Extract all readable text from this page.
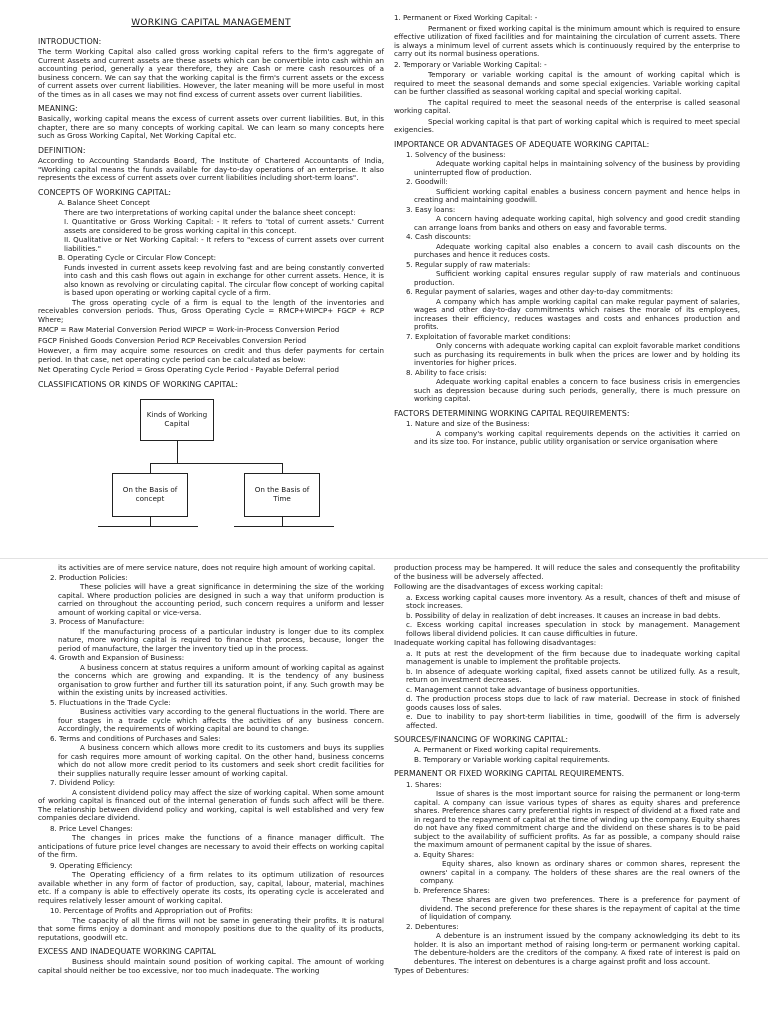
WORKING CAPITAL MANAGEMENT
INTRODUCTION:
The term Working Capital also called gross working capital refers to the firm's aggregate of Current Assets and current assets are these assets which can be convertible into cash within an accounting period, generally a year therefore, they are Cash or mere cash resources of a business concern. We can say that the working capital is the firm's current assets or the excess of current assets over current liabilities. However, the later meaning will be more useful in most of the times as in all cases we may not find excess of current assets over current liabilities.
MEANING:
Basically, working capital means the excess of current assets over current liabilities. But, in this chapter, there are so many concepts of working capital. We can learn so many concepts here such as Gross Working Capital, Net Working Capital etc.
DEFINITION:
According to Accounting Standards Board, The Institute of Chartered Accountants of India, "Working capital means the funds available for day-to-day operations of an enterprise. It also represents the excess of current assets over current liabilities including short-term loans".
CONCEPTS OF WORKING CAPITAL:
A. Balance Sheet Concept
There are two interpretations of working capital under the balance sheet concept:
I. Quantitative or Gross Working Capital: - It refers to 'total of current assets.' Current assets are considered to be gross working capital in this concept.
II. Qualitative or Net Working Capital: - It refers to "excess of current assets over current liabilities."
B. Operating Cycle or Circular Flow Concept:
Funds invested in current assets keep revolving fast and are being constantly converted into cash and this cash flows out again in exchange for other current assets. Hence, it is also known as revolving or circulating capital. The circular flow concept of working capital is based upon operating or working capital cycle of a firm.
The gross operating cycle of a firm is equal to the length of the inventories and receivables conversion periods. Thus, Gross Operating Cycle = RMCP+WIPCP+ FGCP + RCP Where;
RMCP = Raw Material Conversion Period WIPCP = Work-in-Process Conversion Period
FGCP Finished Goods Conversion Period RCP Receivables Conversion Period
However, a firm may acquire some resources on credit and thus defer payments for certain period. In that case, net operating cycle period can be calculated as below:
Net Operating Cycle Period = Gross Operating Cycle Period - Payable Deferral period
CLASSIFICATIONS OR KINDS OF WORKING CAPITAL:
Kinds of Working Capital
On the Basis of concept
On the Basis of Time
1. Permanent or Fixed Working Capital: -
Permanent or fixed working capital is the minimum amount which is required to ensure effective utilization of fixed facilities and for maintaining the circulation of current assets. There is always a minimum level of current assets which is continuously required by the enterprise to carry out its normal business operations.
2. Temporary or Variable Working Capital: -
Temporary or variable working capital is the amount of working capital which is required to meet the seasonal demands and some special exigencies. Variable working capital can be further classified as seasonal working capital and special working capital.
The capital required to meet the seasonal needs of the enterprise is called seasonal working capital.
Special working capital is that part of working capital which is required to meet special exigencies.
IMPORTANCE OR ADVANTAGES OF ADEQUATE WORKING CAPITAL:
1. Solvency of the business:
Adequate working capital helps in maintaining solvency of the business by providing uninterrupted flow of production.
2. Goodwill:
Sufficient working capital enables a business concern payment and hence helps in creating and maintaining goodwill.
3. Easy loans:
A concern having adequate working capital, high solvency and good credit standing can arrange loans from banks and others on easy and favorable terms.
4. Cash discounts:
Adequate working capital also enables a concern to avail cash discounts on the purchases and hence it reduces costs.
5. Regular supply of raw materials:
Sufficient working capital ensures regular supply of raw materials and continuous production.
6. Regular payment of salaries, wages and other day-to-day commitments:
A company which has ample working capital can make regular payment of salaries, wages and other day-to-day commitments which raises the morale of its employees, increases their efficiency, reduces wastages and costs and enhances production and profits.
7. Exploitation of favorable market conditions:
Only concerns with adequate working capital can exploit favorable market conditions such as purchasing its requirements in bulk when the prices are lower and by holding its inventories for higher prices.
8. Ability to face crisis:
Adequate working capital enables a concern to face business crisis in emergencies such as depression because during such periods, generally, there is much pressure on working capital.
FACTORS DETERMINING WORKING CAPITAL REQUIREMENTS:
1. Nature and size of the Business:
A company's working capital requirements depends on the activities it carried on and its size too. For instance, public utility organisation or service organisation where
its activities are of mere service nature, does not require high amount of working capital.
2. Production Policies:
These policies will have a great significance in determining the size of the working capital. Where production policies are designed in such a way that uniform production is carried on throughout the accounting period, such concern requires a uniform and lesser amount of working capital or vice-versa.
3. Process of Manufacture:
If the manufacturing process of a particular industry is longer due to its complex nature, more working capital is required to finance that process, because, longer the period of manufacture, the larger the inventory tied up in the process.
4. Growth and Expansion of Business:
A business concern at status requires a uniform amount of working capital as against the concerns which are growing and expanding. It is the tendency of any business organisation to grow further and further till its saturation point, if any. Such growth may be within the existing units by increased activities.
5. Fluctuations in the Trade Cycle:
Business activities vary according to the general fluctuations in the world. There are four stages in a trade cycle which affects the activities of any business concern. Accordingly, the requirements of working capital are bound to change.
6. Terms and conditions of Purchases and Sales:
A business concern which allows more credit to its customers and buys its supplies for cash requires more amount of working capital. On the other hand, business concerns which do not allow more credit period to its customers and seek short credit facilities for their supplies naturally require lesser amount of working capital.
7. Dividend Policy:
A consistent dividend policy may affect the size of working capital. When some amount of working capital is financed out of the internal generation of funds such affect will be there. The relationship between dividend policy and working, capital is well established and very few companies declare dividend.
8. Price Level Changes:
The changes in prices make the functions of a finance manager difficult. The anticipations of future price level changes are necessary to avoid their effects on working capital of the firm.
9. Operating Efficiency:
The Operating efficiency of a firm relates to its optimum utilization of resources available whether in any form of factor of production, say, capital, labour, material, machines etc. If a company is able to effectively operate its costs, its operating cycle is accelerated and requires relatively lesser amount of working capital.
10. Percentage of Profits and Appropriation out of Profits:
The capacity of all the firms will not be same in generating their profits. It is natural that some firms enjoy a dominant and monopoly positions due to the quality of its products, reputations, goodwill etc.
EXCESS AND INADEQUATE WORKING CAPITAL
Business should maintain sound position of working capital. The amount of working capital should neither be too excessive, nor too much inadequate. The working
production process may be hampered. It will reduce the sales and consequently the profitability of the business will be adversely affected.
Following are the disadvantages of excess working capital:
a. Excess working capital causes more inventory. As a result, chances of theft and misuse of stock increases.
b. Possibility of delay in realization of debt increases. It causes an increase in bad debts.
c. Excess working capital increases speculation in stock by management. Management follows liberal dividend policies. It can cause difficulties in future.
Inadequate working capital has following disadvantages:
a. It puts at rest the development of the firm because due to inadequate working capital management is unable to implement the profitable projects.
b. In absence of adequate working capital, fixed assets cannot be utilized fully. As a result, return on investment decreases.
c. Management cannot take advantage of business opportunities.
d. The production process stops due to lack of raw material. Decrease in stock of finished goods causes loss of sales.
e. Due to inability to pay short-term liabilities in time, goodwill of the firm is adversely affected.
SOURCES/FINANCING OF WORKING CAPITAL:
A. Permanent or Fixed working capital requirements.
B. Temporary or Variable working capital requirements.
PERMANENT OR FIXED WORKING CAPITAL REQUIREMENTS.
1. Shares:
Issue of shares is the most important source for raising the permanent or long-term capital. A company can issue various types of shares as equity shares and preference shares. Preference shares carry preferential rights in respect of dividend at a fixed rate and in regard to the repayment of capital at the time of winding up the company. Equity shares do not have any fixed commitment charge and the dividend on these shares is to be paid subject to the availability of sufficient profits. As far as possible, a company should raise the maximum amount of permanent capital by the issue of shares.
a. Equity Shares:
Equity shares, also known as ordinary shares or common shares, represent the owners' capital in a company. The holders of these shares are the real owners of the company.
b. Preference Shares:
These shares are given two preferences. There is a preference for payment of dividend. The second preference for these shares is the repayment of capital at the time of liquidation of company.
2. Debentures:
A debenture is an instrument issued by the company acknowledging its debt to its holder. It is also an important method of raising long-term or permanent working capital. The debenture-holders are the creditors of the company. A fixed rate of interest is paid on debentures. The interest on debentures is a charge against profit and loss account.
Types of Debentures:
